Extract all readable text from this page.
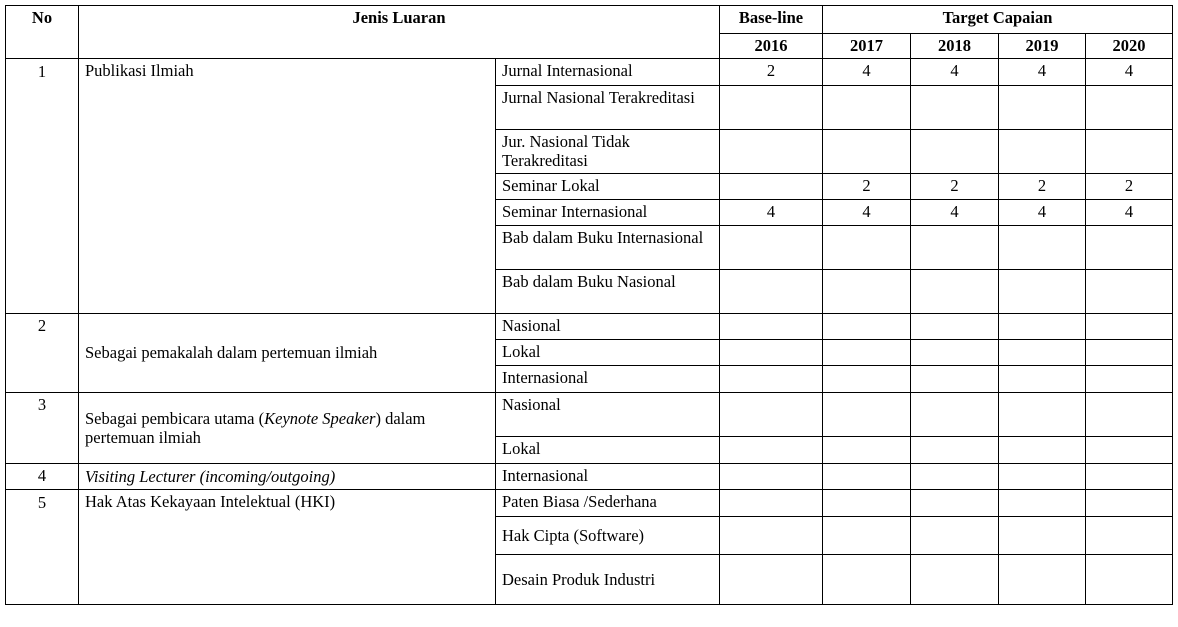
No	Jenis Luaran		Base-line	Target Capaian			
			2016	2017	2018	2019	2020
1	Publikasi Ilmiah	Jurnal Internasional	2	4	4	4	4
		Jurnal Nasional Terakreditasi					
		Jur. Nasional Tidak Terakreditasi					
		Seminar Lokal		2	2	2	2
		Seminar Internasional	4	4	4	4	4
		Bab dalam Buku Internasional					
		Bab dalam Buku Nasional					
2	Sebagai pemakalah dalam pertemuan ilmiah	Nasional					
		Lokal					
		Internasional					
3	Sebagai pembicara utama (Keynote Speaker) dalam pertemuan ilmiah	Nasional					
		Lokal					
4	Visiting Lecturer (incoming/outgoing)	Internasional					
5	Hak Atas Kekayaan Intelektual (HKI)	Paten Biasa /Sederhana					
		Hak Cipta (Software)					
		Desain Produk Industri					
